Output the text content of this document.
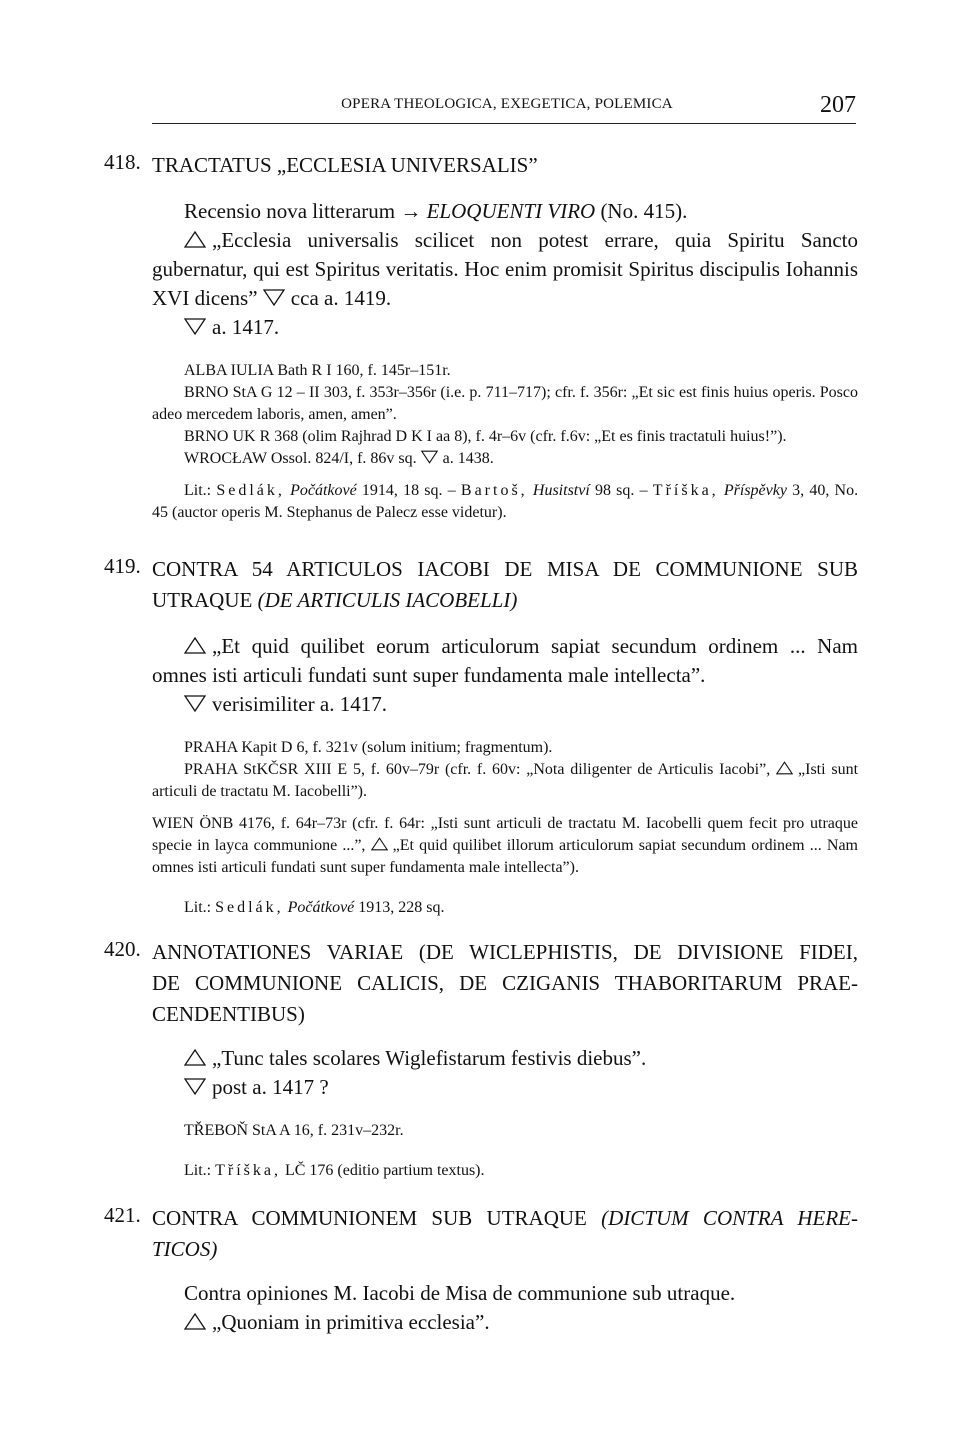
OPERA THEOLOGICA, EXEGETICA, POLEMICA	207
418. TRACTATUS „ECCLESIA UNIVERSALIS”
Recensio nova litterarum → ELOQUENTI VIRO (No. 415).
„Ecclesia universalis scilicet non potest errare, quia Spiritu Sancto gubernatur, qui est Spiritus veritatis. Hoc enim promisit Spiritus discipulis Iohannis XVI dicens” cca a. 1419.
a. 1417.
ALBA IULIA Bath R I 160, f. 145r–151r.
BRNO StA G 12 – II 303, f. 353r–356r (i.e. p. 711–717); cfr. f. 356r: „Et sic est finis huius operis. Posco adeo mercedem laboris, amen, amen”.
BRNO UK R 368 (olim Rajhrad D K I aa 8), f. 4r–6v (cfr. f.6v: „Et es finis tractatuli huius!”).
WROCŁAW Ossol. 824/I, f. 86v sq. a. 1438.
Lit.: Sedlák, Počátkové 1914, 18 sq. – Bartoš, Husitství 98 sq. – Tříška, Příspěvky 3, 40, No. 45 (auctor operis M. Stephanus de Palecz esse videtur).
419. CONTRA 54 ARTICULOS IACOBI DE MISA DE COMMUNIONE SUB UTRAQUE (DE ARTICULIS IACOBELLI)
„Et quid quilibet eorum articulorum sapiat secundum ordinem ... Nam omnes isti articuli fundati sunt super fundamenta male intellecta”.
verisimiliter a. 1417.
PRAHA Kapit D 6, f. 321v (solum initium; fragmentum).
PRAHA StKČSR XIII E 5, f. 60v–79r (cfr. f. 60v: „Nota diligenter de Articulis Iacobi”, „Isti sunt articuli de tractatu M. Iacobelli”).
WIEN ÖNB 4176, f. 64r–73r (cfr. f. 64r: „Isti sunt articuli de tractatu M. Iacobelli quem fecit pro utraque specie in layca communione ...”, „Et quid quilibet illorum articulorum sapiat secundum ordinem ... Nam omnes isti articuli fundati sunt super fundamenta male intellecta”).
Lit.: Sedlák, Počátkové 1913, 228 sq.
420. ANNOTATIONES VARIAE (DE WICLEPHISTIS, DE DIVISIONE FIDEI,
DE COMMUNIONE CALICIS, DE CZIGANIS THABORITARUM PRAE-
CENDENTIBUS)
„Tunc tales scolares Wiglefistarum festivis diebus”.
post a. 1417 ?
TŘEBOŇ StA A 16, f. 231v–232r.
Lit.: Tříška, LČ 176 (editio partium textus).
421. CONTRA COMMUNIONEM SUB UTRAQUE (DICTUM CONTRA HERE-
TICOS)
Contra opiniones M. Iacobi de Misa de communione sub utraque.
„Quoniam in primitiva ecclesia”.
